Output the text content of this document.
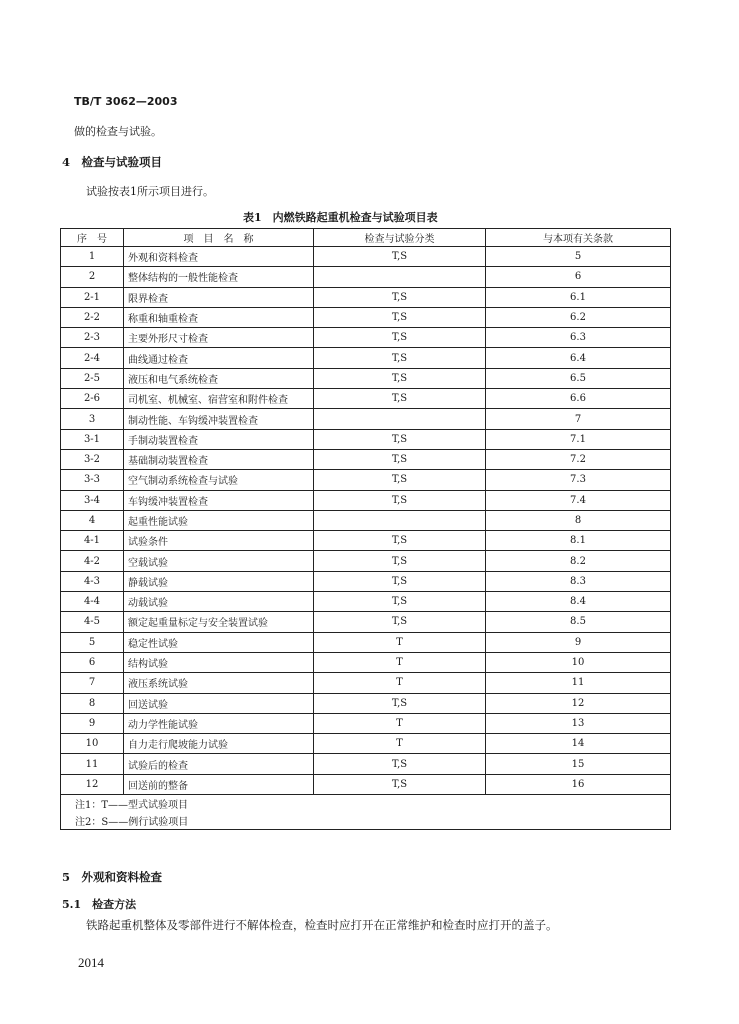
TB/T 3062—2003
做的检查与试验。
4　检查与试验项目
试验按表1所示项目进行。
表1　内燃铁路起重机检查与试验项目表
序　号	项　目　名　称	检查与试验分类	与本项有关条款
1	外观和资料检查	T,S	5
2	整体结构的一般性能检查		6
2-1	限界检查	T,S	6.1
2-2	称重和轴重检查	T,S	6.2
2-3	主要外形尺寸检查	T,S	6.3
2-4	曲线通过检查	T,S	6.4
2-5	液压和电气系统检查	T,S	6.5
2-6	司机室、机械室、宿营室和附件检查	T,S	6.6
3	制动性能、车钩缓冲装置检查		7
3-1	手制动装置检查	T,S	7.1
3-2	基础制动装置检查	T,S	7.2
3-3	空气制动系统检查与试验	T,S	7.3
3-4	车钩缓冲装置检查	T,S	7.4
4	起重性能试验		8
4-1	试验条件	T,S	8.1
4-2	空载试验	T,S	8.2
4-3	静载试验	T,S	8.3
4-4	动载试验	T,S	8.4
4-5	额定起重量标定与安全装置试验	T,S	8.5
5	稳定性试验	T	9
6	结构试验	T	10
7	液压系统试验	T	11
8	回送试验	T,S	12
9	动力学性能试验	T	13
10	自力走行爬坡能力试验	T	14
11	试验后的检查	T,S	15
12	回送前的整备	T,S	16
注1：T——型式试验项目			
注2：S——例行试验项目			
5　外观和资料检查
5.1　检查方法
铁路起重机整体及零部件进行不解体检查，检查时应打开在正常维护和检查时应打开的盖子。
2014
